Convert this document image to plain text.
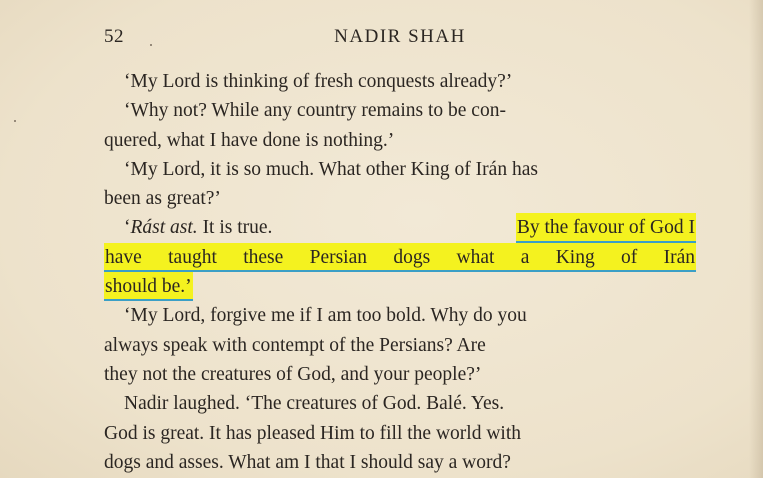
52	NADIR SHAH
‘My Lord is thinking of fresh conquests already?’
‘Why not? While any country remains to be con-
quered, what I have done is nothing.’
‘My Lord, it is so much. What other King of Irán has
been as great?’
‘Rást ast. It is true.	By the favour of God I
have taught these Persian dogs what a King of Irán
should be.’
‘My Lord, forgive me if I am too bold. Why do you
always speak with contempt of the Persians? Are
they not the creatures of God, and your people?’
Nadir laughed. ‘The creatures of God. Balé. Yes.
God is great. It has pleased Him to fill the world with
dogs and asses. What am I that I should say a word?
